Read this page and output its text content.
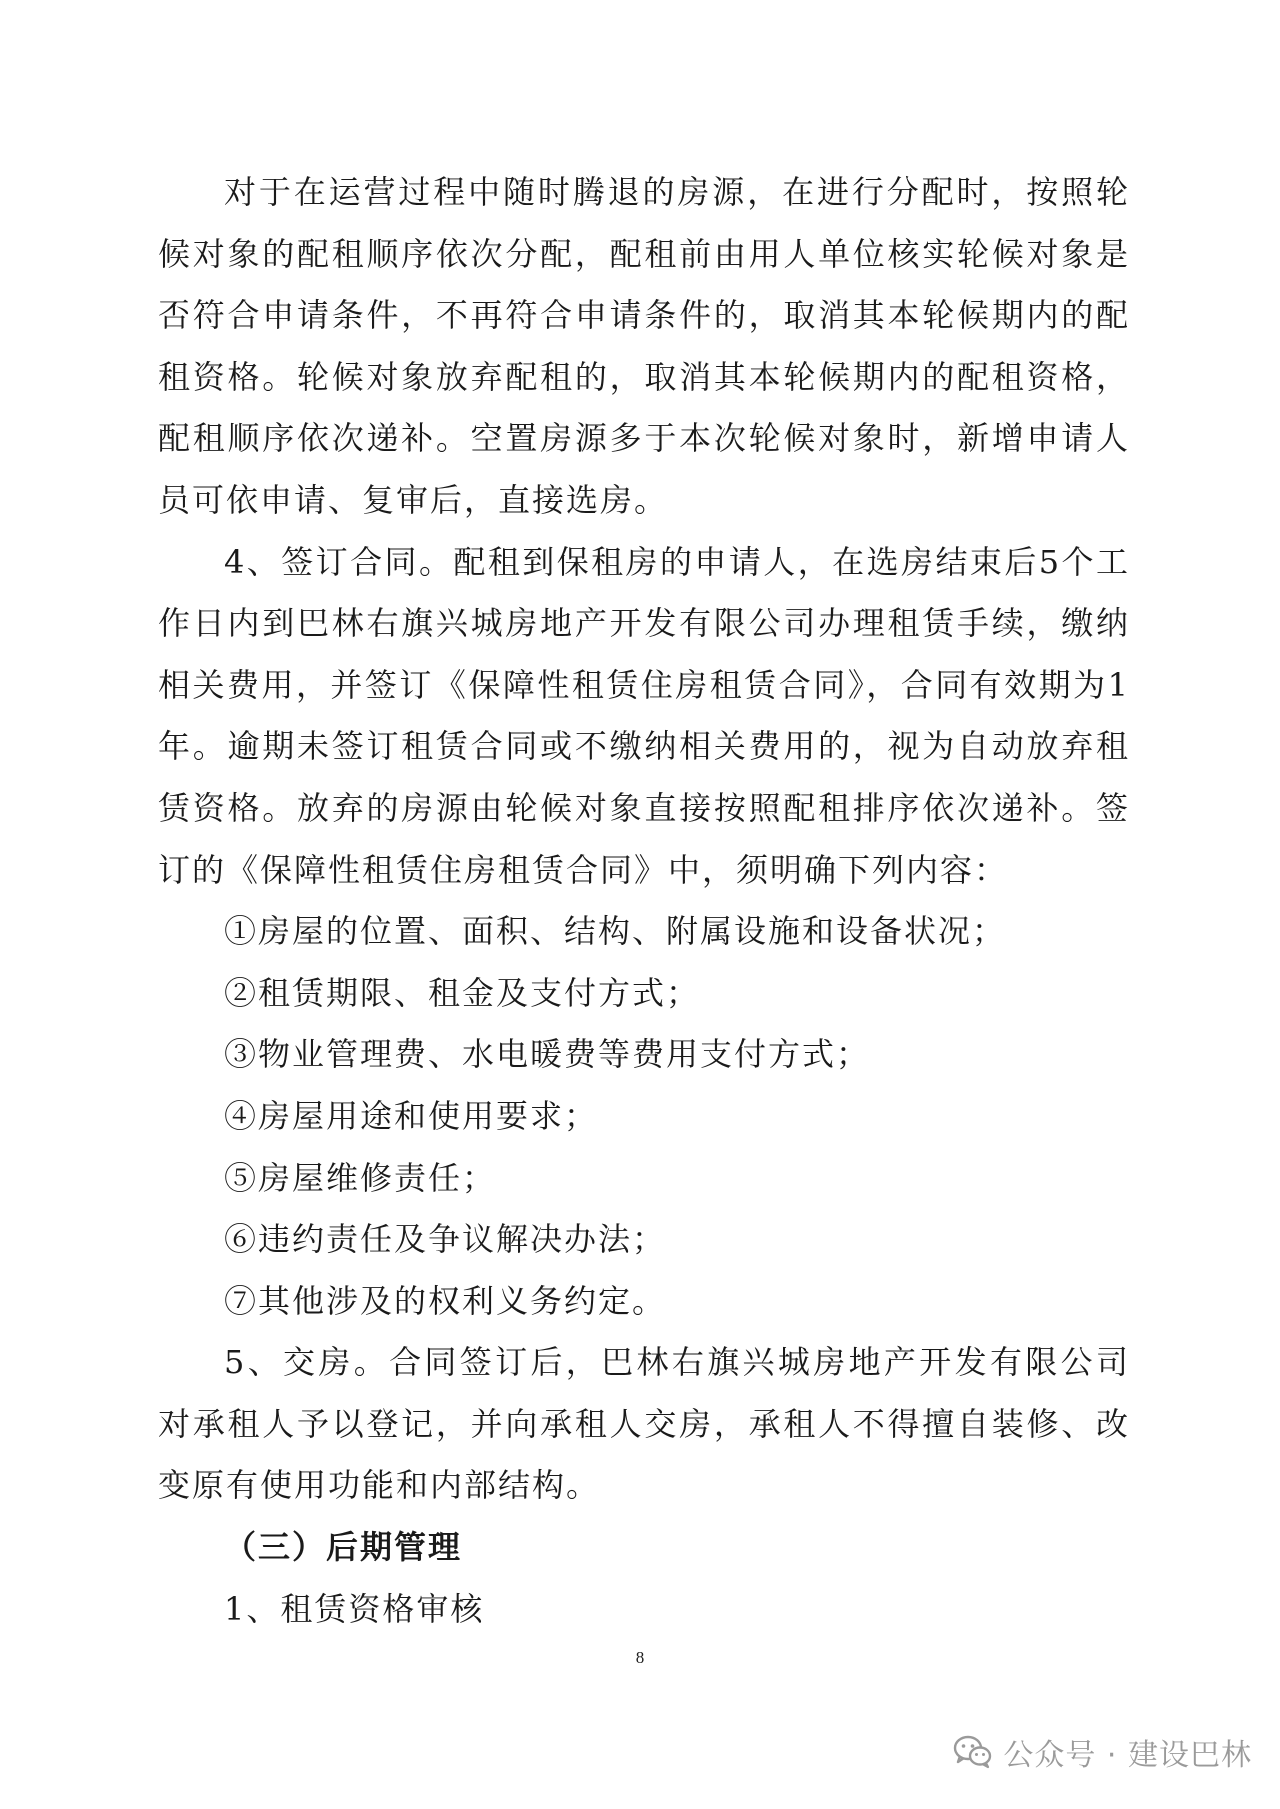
对于在运营过程中随时腾退的房源，在进行分配时，按照轮候对象的配租顺序依次分配，配租前由用人单位核实轮候对象是否符合申请条件，不再符合申请条件的，取消其本轮候期内的配租资格。轮候对象放弃配租的，取消其本轮候期内的配租资格，配租顺序依次递补。空置房源多于本次轮候对象时，新增申请人员可依申请、复审后，直接选房。

4、签订合同。配租到保租房的申请人，在选房结束后5个工作日内到巴林右旗兴城房地产开发有限公司办理租赁手续，缴纳相关费用，并签订《保障性租赁住房租赁合同》，合同有效期为1年。逾期未签订租赁合同或不缴纳相关费用的，视为自动放弃租赁资格。放弃的房源由轮候对象直接按照配租排序依次递补。签订的《保障性租赁住房租赁合同》中，须明确下列内容：

①房屋的位置、面积、结构、附属设施和设备状况；

②租赁期限、租金及支付方式；

③物业管理费、水电暖费等费用支付方式；

④房屋用途和使用要求；

⑤房屋维修责任；

⑥违约责任及争议解决办法；

⑦其他涉及的权利义务约定。

5、交房。合同签订后，巴林右旗兴城房地产开发有限公司对承租人予以登记，并向承租人交房，承租人不得擅自装修、改变原有使用功能和内部结构。

（三）后期管理

1、租赁资格审核

8
公众号 · 建设巴林
